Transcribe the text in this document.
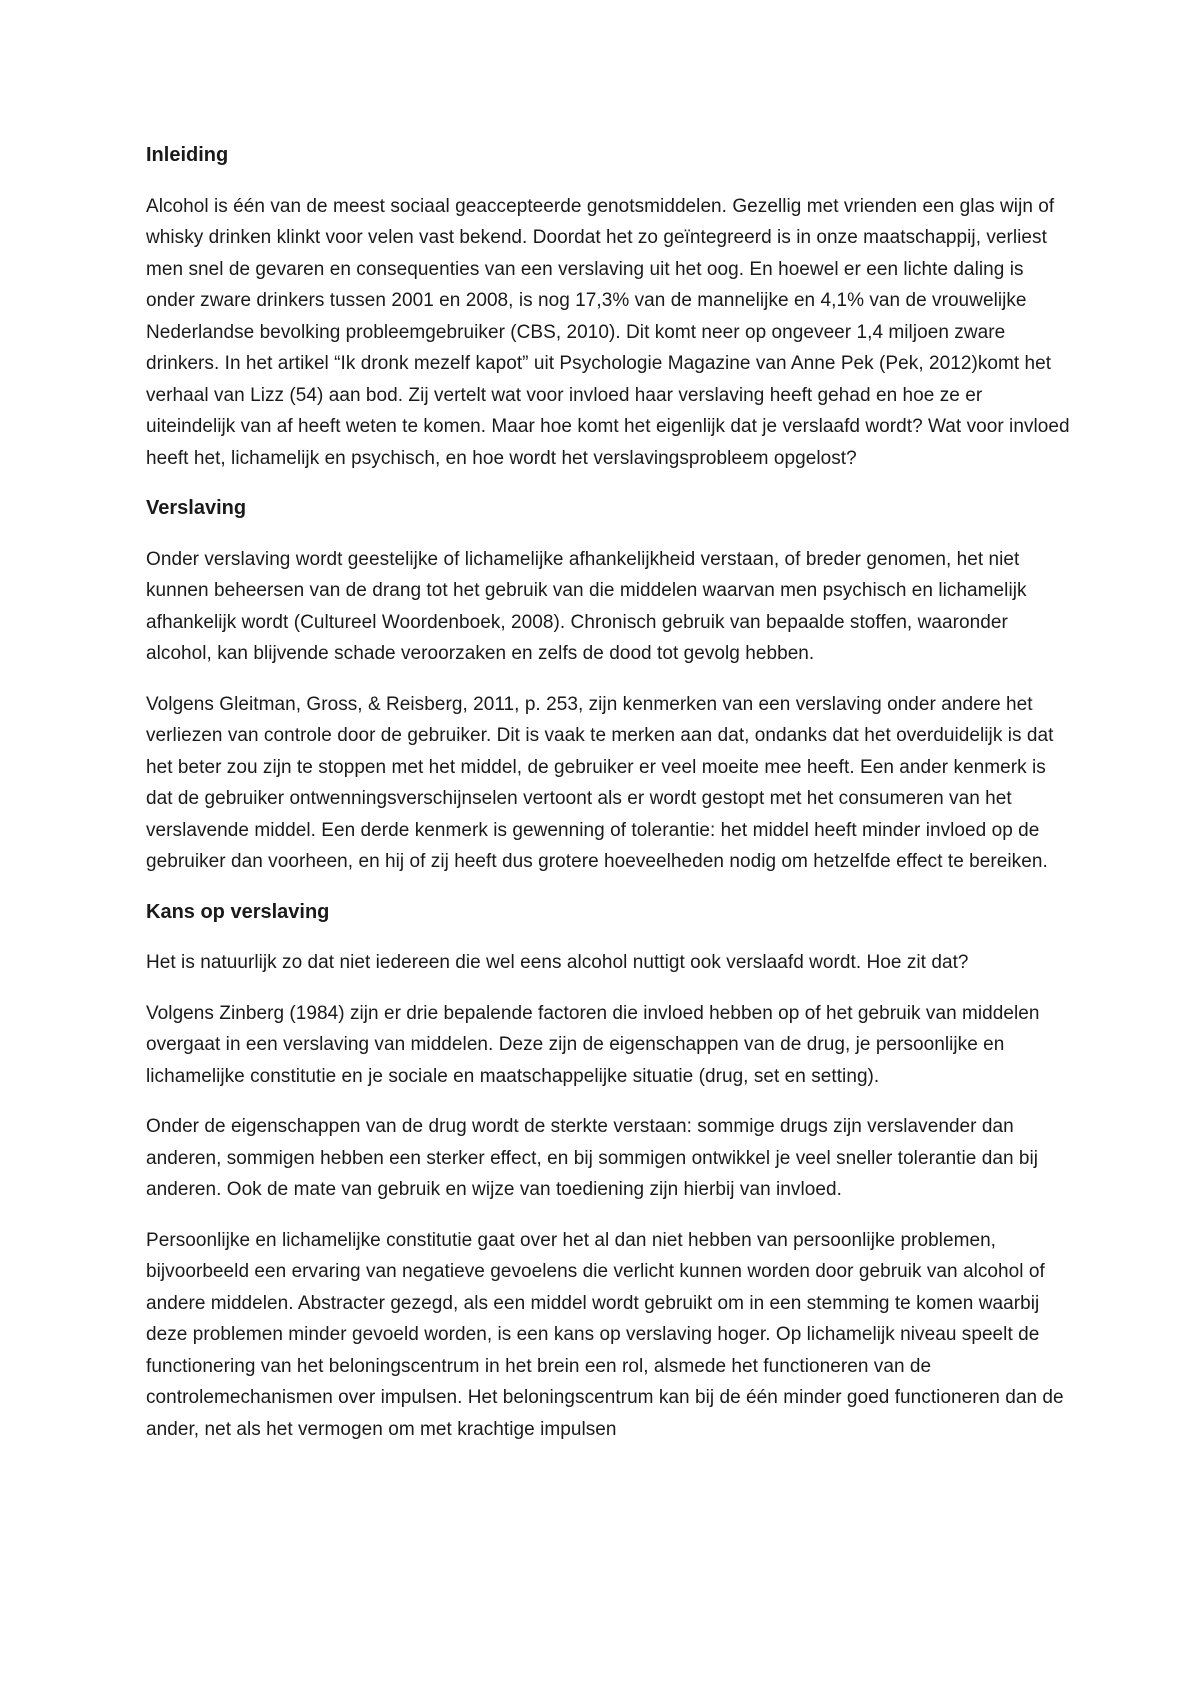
Inleiding

Alcohol is één van de meest sociaal geaccepteerde genotsmiddelen. Gezellig met vrienden een glas wijn of whisky drinken klinkt voor velen vast bekend. Doordat het zo geïntegreerd is in onze maatschappij, verliest men snel de gevaren en consequenties van een verslaving uit het oog. En hoewel er een lichte daling is onder zware drinkers tussen 2001 en 2008, is nog 17,3% van de mannelijke en 4,1% van de vrouwelijke Nederlandse bevolking probleemgebruiker (CBS, 2010). Dit komt neer op ongeveer 1,4 miljoen zware drinkers. In het artikel “Ik dronk mezelf kapot” uit Psychologie Magazine van Anne Pek (Pek, 2012)komt het verhaal van Lizz (54) aan bod. Zij vertelt wat voor invloed haar verslaving heeft gehad en hoe ze er uiteindelijk van af heeft weten te komen. Maar hoe komt het eigenlijk dat je verslaafd wordt? Wat voor invloed heeft het, lichamelijk en psychisch, en hoe wordt het verslavingsprobleem opgelost?

Verslaving

Onder verslaving wordt geestelijke of lichamelijke afhankelijkheid verstaan, of breder genomen, het niet kunnen beheersen van de drang tot het gebruik van die middelen waarvan men psychisch en lichamelijk afhankelijk wordt (Cultureel Woordenboek, 2008). Chronisch gebruik van bepaalde stoffen, waaronder alcohol, kan blijvende schade veroorzaken en zelfs de dood tot gevolg hebben.

Volgens Gleitman, Gross, & Reisberg, 2011, p. 253, zijn kenmerken van een verslaving onder andere het verliezen van controle door de gebruiker. Dit is vaak te merken aan dat, ondanks dat het overduidelijk is dat het beter zou zijn te stoppen met het middel, de gebruiker er veel moeite mee heeft. Een ander kenmerk is dat de gebruiker ontwenningsverschijnselen vertoont als er wordt gestopt met het consumeren van het verslavende middel. Een derde kenmerk is gewenning of tolerantie: het middel heeft minder invloed op de gebruiker dan voorheen, en hij of zij heeft dus grotere hoeveelheden nodig om hetzelfde effect te bereiken.

Kans op verslaving

Het is natuurlijk zo dat niet iedereen die wel eens alcohol nuttigt ook verslaafd wordt. Hoe zit dat?

Volgens Zinberg (1984) zijn er drie bepalende factoren die invloed hebben op of het gebruik van middelen overgaat in een verslaving van middelen. Deze zijn de eigenschappen van de drug, je persoonlijke en lichamelijke constitutie en je sociale en maatschappelijke situatie (drug, set en setting).

Onder de eigenschappen van de drug wordt de sterkte verstaan: sommige drugs zijn verslavender dan anderen, sommigen hebben een sterker effect, en bij sommigen ontwikkel je veel sneller tolerantie dan bij anderen. Ook de mate van gebruik en wijze van toediening zijn hierbij van invloed.

Persoonlijke en lichamelijke constitutie gaat over het al dan niet hebben van persoonlijke problemen, bijvoorbeeld een ervaring van negatieve gevoelens die verlicht kunnen worden door gebruik van alcohol of andere middelen. Abstracter gezegd, als een middel wordt gebruikt om in een stemming te komen waarbij deze problemen minder gevoeld worden, is een kans op verslaving hoger. Op lichamelijk niveau speelt de functionering van het beloningscentrum in het brein een rol, alsmede het functioneren van de controlemechanismen over impulsen. Het beloningscentrum kan bij de één minder goed functioneren dan de ander, net als het vermogen om met krachtige impulsen
